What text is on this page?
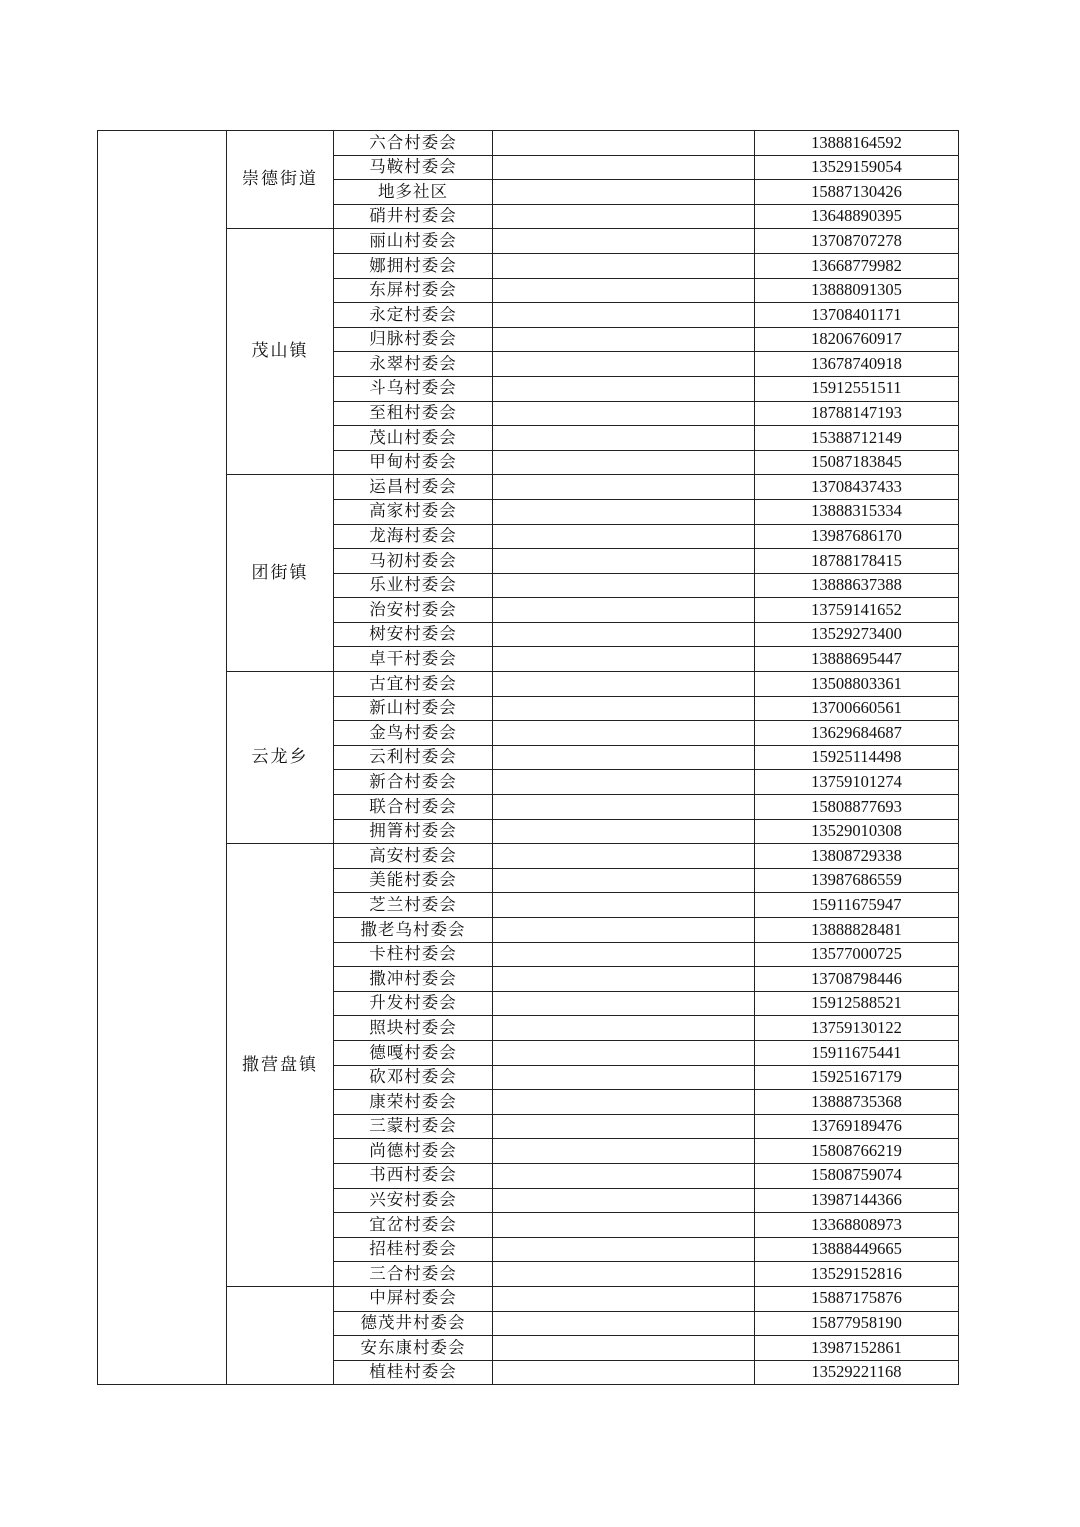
	崇德街道	六合村委会		13888164592
		马鞍村委会		13529159054
		地多社区		15887130426
		硝井村委会		13648890395
	茂山镇	丽山村委会		13708707278
		娜拥村委会		13668779982
		东屏村委会		13888091305
		永定村委会		13708401171
		归脉村委会		18206760917
		永翠村委会		13678740918
		斗乌村委会		15912551511
		至租村委会		18788147193
		茂山村委会		15388712149
		甲甸村委会		15087183845
	团街镇	运昌村委会		13708437433
		高家村委会		13888315334
		龙海村委会		13987686170
		马初村委会		18788178415
		乐业村委会		13888637388
		治安村委会		13759141652
		树安村委会		13529273400
		卓干村委会		13888695447
	云龙乡	古宜村委会		13508803361
		新山村委会		13700660561
		金鸟村委会		13629684687
		云利村委会		15925114498
		新合村委会		13759101274
		联合村委会		15808877693
		拥箐村委会		13529010308
	撒营盘镇	高安村委会		13808729338
		美能村委会		13987686559
		芝兰村委会		15911675947
		撒老乌村委会		13888828481
		卡柱村委会		13577000725
		撒冲村委会		13708798446
		升发村委会		15912588521
		照块村委会		13759130122
		德嘎村委会		15911675441
		砍邓村委会		15925167179
		康荣村委会		13888735368
		三蒙村委会		13769189476
		尚德村委会		15808766219
		书西村委会		15808759074
		兴安村委会		13987144366
		宜岔村委会		13368808973
		招桂村委会		13888449665
		三合村委会		13529152816
		中屏村委会		15887175876
		德茂井村委会		15877958190
		安东康村委会		13987152861
		植桂村委会		13529221168
